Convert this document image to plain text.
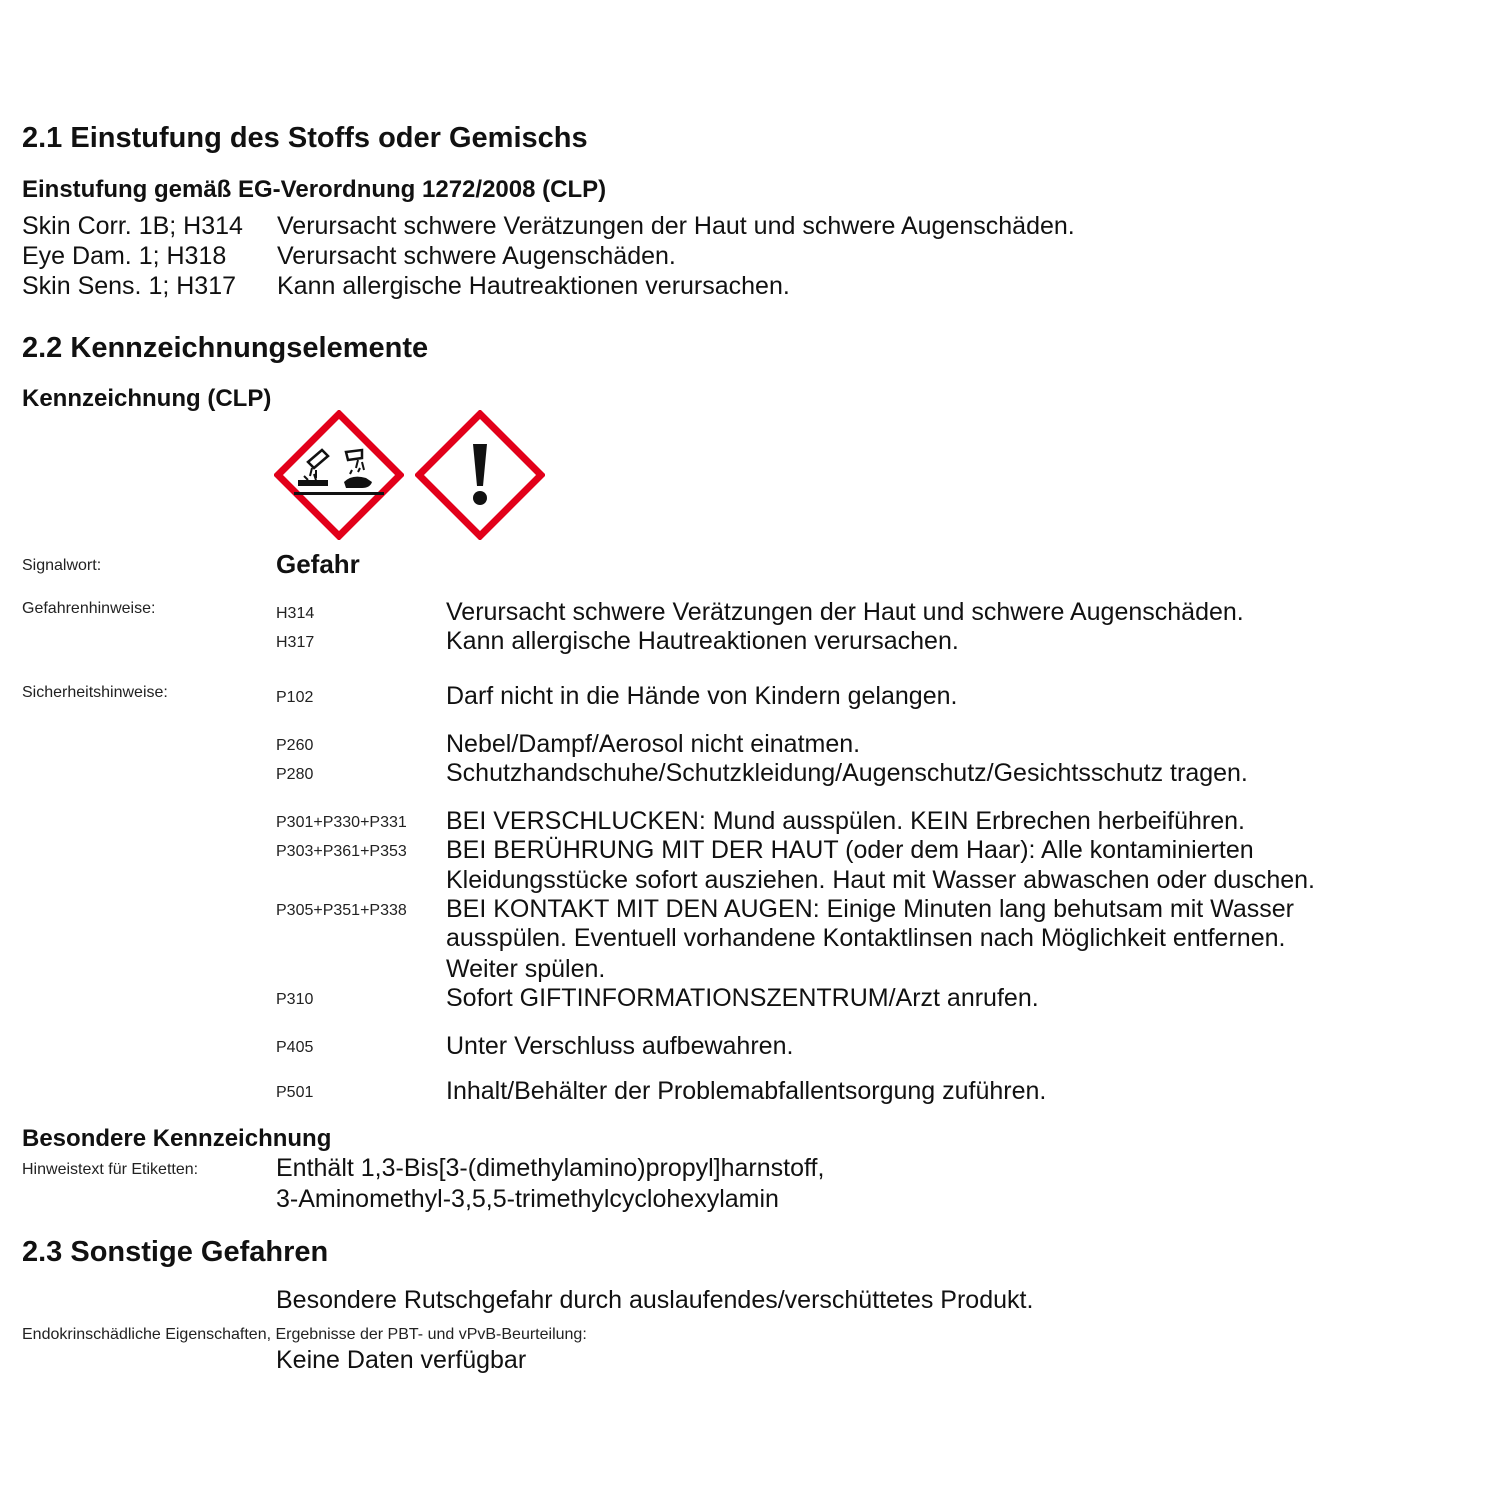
2.1 Einstufung des Stoffs oder Gemischs
Einstufung gemäß EG-Verordnung 1272/2008 (CLP)
Skin Corr. 1B; H314 Verursacht schwere Verätzungen der Haut und schwere Augenschäden.
Eye Dam. 1; H318 Verursacht schwere Augenschäden.
Skin Sens. 1; H317 Kann allergische Hautreaktionen verursachen.
2.2 Kennzeichnungselemente
Kennzeichnung (CLP)
Signalwort:	Gefahr
Gefahrenhinweise:	H314	Verursacht schwere Verätzungen der Haut und schwere Augenschäden.
H317	Kann allergische Hautreaktionen verursachen.
Sicherheitshinweise:	P102	Darf nicht in die Hände von Kindern gelangen.
P260	Nebel/Dampf/Aerosol nicht einatmen.
P280	Schutzhandschuhe/Schutzkleidung/Augenschutz/Gesichtsschutz tragen.
P301+P330+P331 BEI VERSCHLUCKEN: Mund ausspülen. KEIN Erbrechen herbeiführen.
P303+P361+P353 BEI BERÜHRUNG MIT DER HAUT (oder dem Haar): Alle kontaminierten
Kleidungsstücke sofort ausziehen. Haut mit Wasser abwaschen oder duschen.
P305+P351+P338 BEI KONTAKT MIT DEN AUGEN: Einige Minuten lang behutsam mit Wasser
ausspülen. Eventuell vorhandene Kontaktlinsen nach Möglichkeit entfernen.
Weiter spülen.
P310	Sofort GIFTINFORMATIONSZENTRUM/Arzt anrufen.
P405	Unter Verschluss aufbewahren.
P501	Inhalt/Behälter der Problemabfallentsorgung zuführen.
Besondere Kennzeichnung
Hinweistext für Etiketten:	Enthält 1,3-Bis[3-(dimethylamino)propyl]harnstoff,
3-Aminomethyl-3,5,5-trimethylcyclohexylamin
2.3 Sonstige Gefahren
Besondere Rutschgefahr durch auslaufendes/verschüttetes Produkt.
Endokrinschädliche Eigenschaften, Ergebnisse der PBT- und vPvB-Beurteilung:
Keine Daten verfügbar
